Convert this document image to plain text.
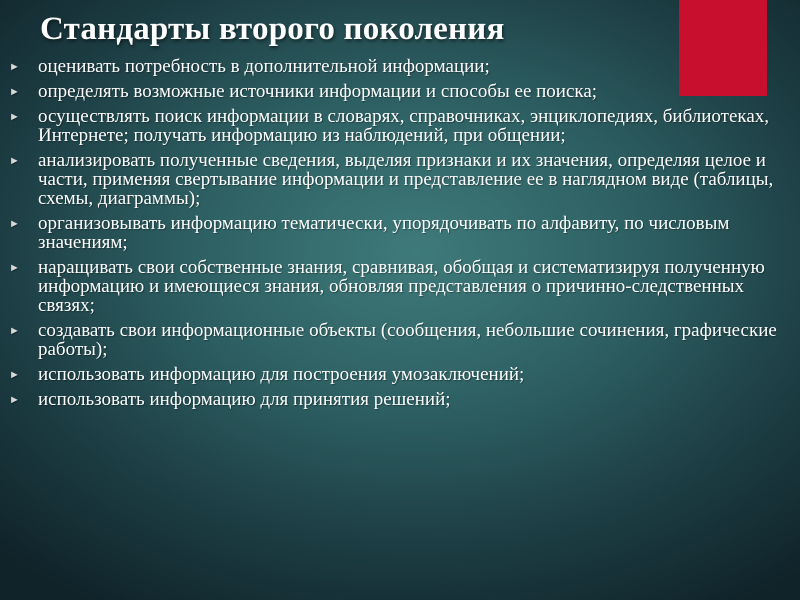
Стандарты второго поколения
► оценивать потребность в дополнительной информации;
► определять возможные источники информации и способы ее поиска;
► осуществлять поиск информации в словарях, справочниках, энциклопедиях, библиотеках, Интернете; получать информацию из наблюдений, при общении;
► анализировать полученные сведения, выделяя признаки и их значения, определяя целое и части, применяя свертывание информации и представление ее в наглядном виде (таблицы, схемы, диаграммы);
► организовывать информацию тематически, упорядочивать по алфавиту, по числовым значениям;
► наращивать свои собственные знания, сравнивая, обобщая и систематизируя полученную информацию и имеющиеся знания, обновляя представления о причинно-следственных связях;
► создавать свои информационные объекты (сообщения, небольшие сочинения, графические работы);
► использовать информацию для построения умозаключений;
► использовать информацию для принятия решений;
